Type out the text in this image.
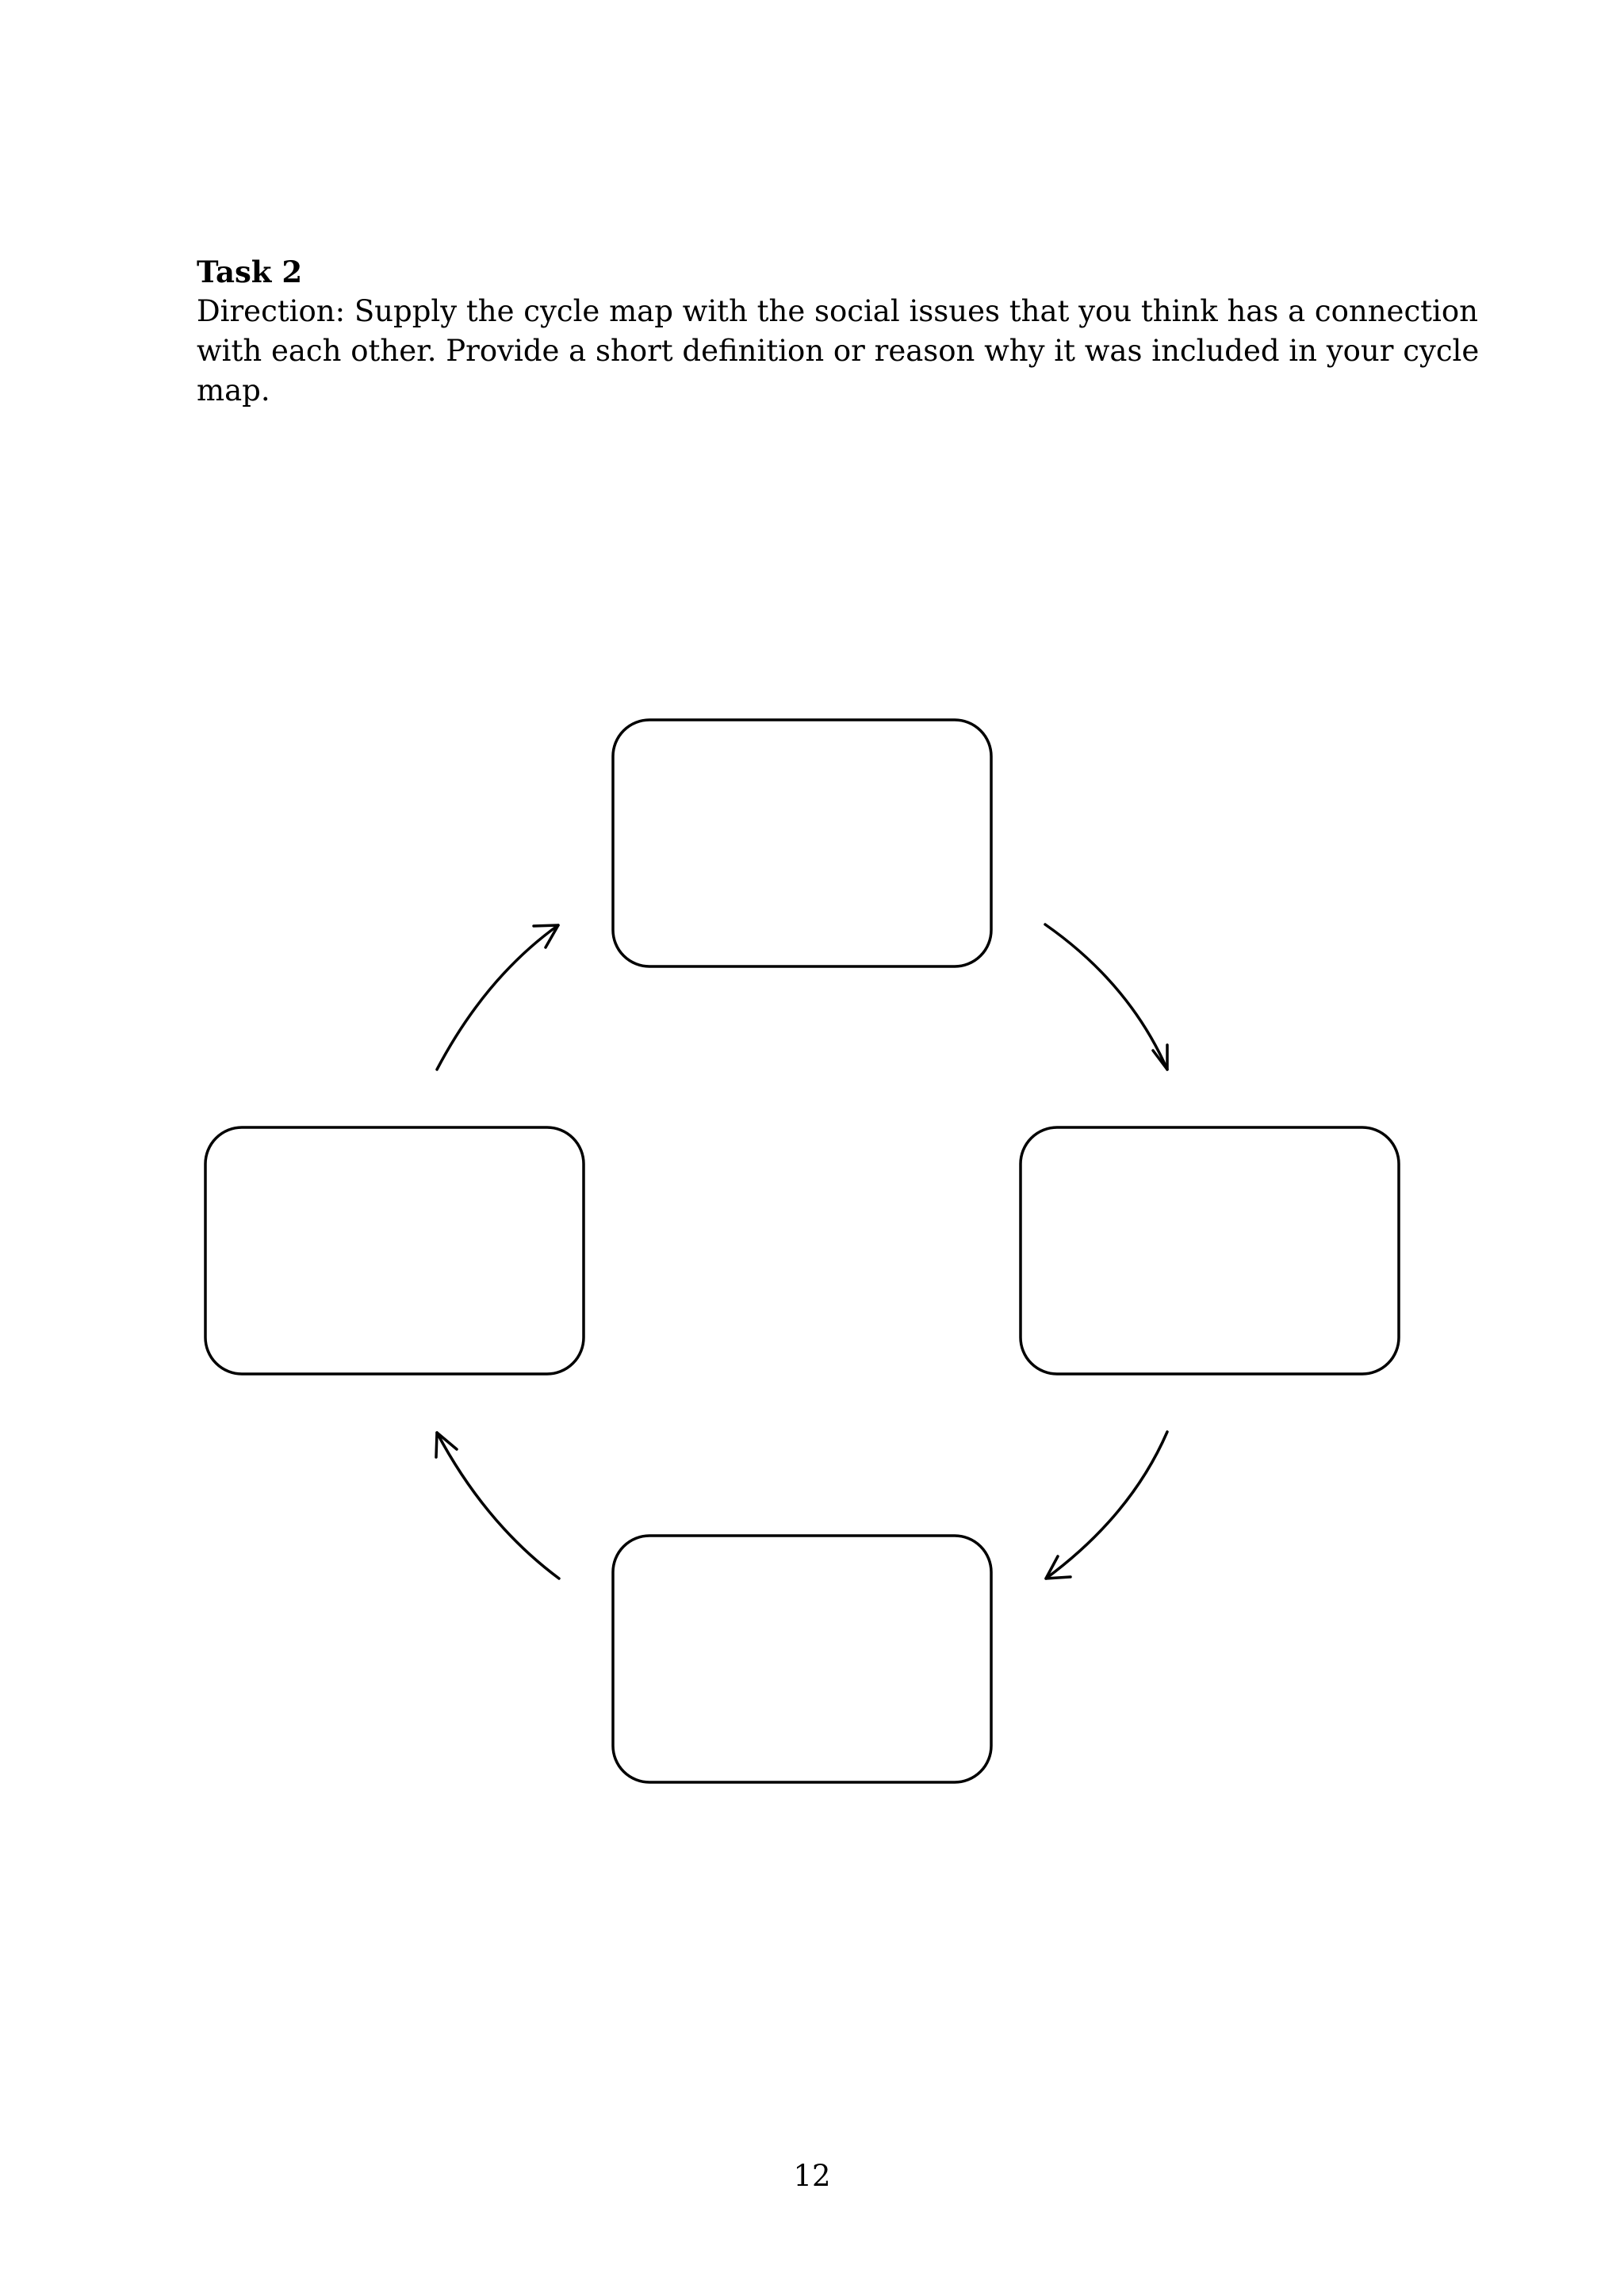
Task 2

Direction: Supply the cycle map with the social issues that you think has a connection with each other. Provide a short definition or reason why it was included in your cycle map.

12
